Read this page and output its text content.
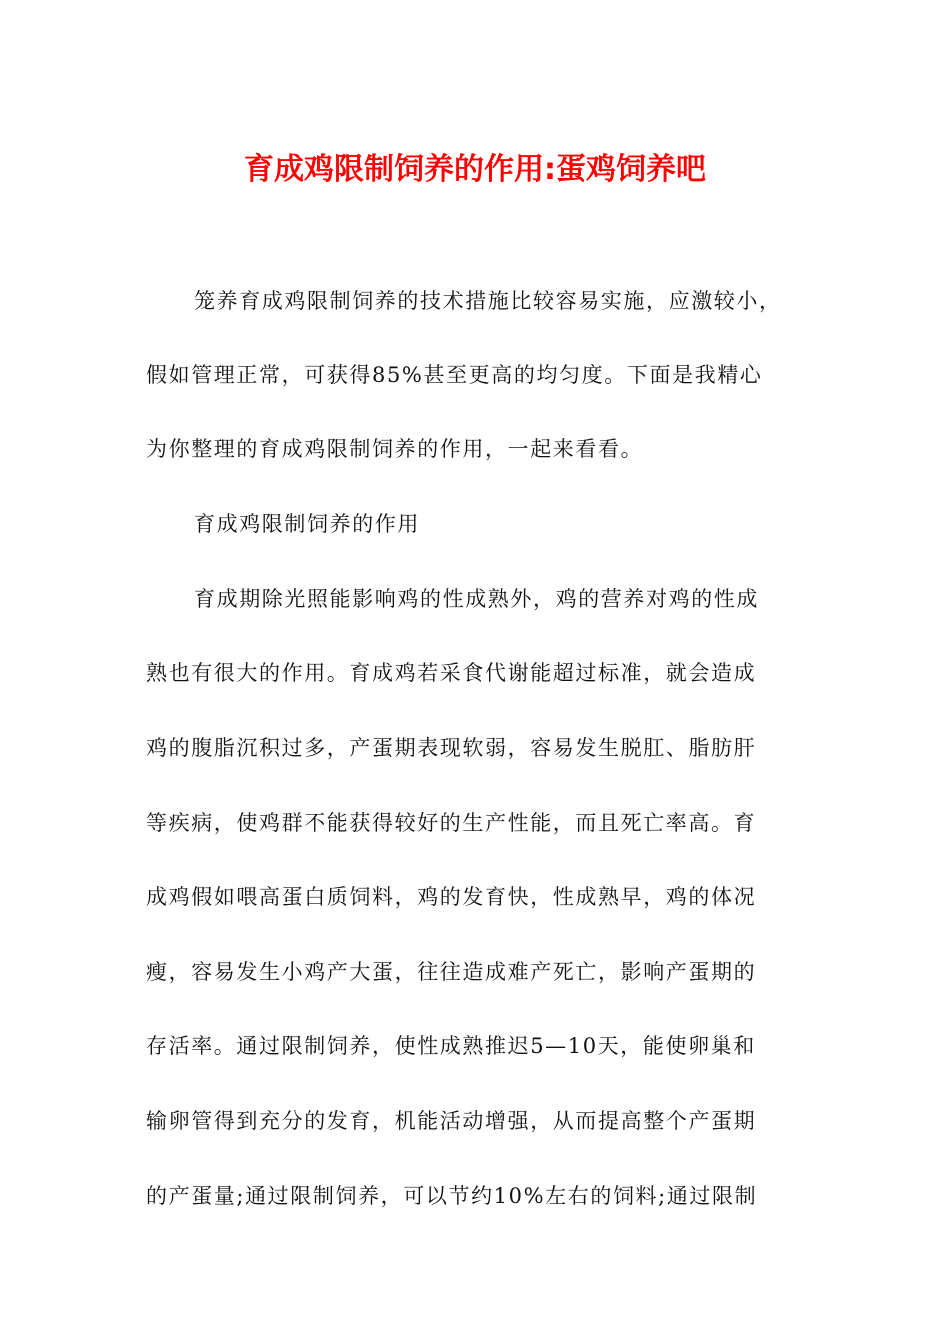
育成鸡限制饲养的作用:蛋鸡饲养吧
笼养育成鸡限制饲养的技术措施比较容易实施，应激较小，
假如管理正常，可获得85%甚至更高的均匀度。下面是我精心
为你整理的育成鸡限制饲养的作用，一起来看看。
育成鸡限制饲养的作用
育成期除光照能影响鸡的性成熟外，鸡的营养对鸡的性成
熟也有很大的作用。育成鸡若采食代谢能超过标准，就会造成
鸡的腹脂沉积过多，产蛋期表现软弱，容易发生脱肛、脂肪肝
等疾病，使鸡群不能获得较好的生产性能，而且死亡率高。育
成鸡假如喂高蛋白质饲料，鸡的发育快，性成熟早，鸡的体况
瘦，容易发生小鸡产大蛋，往往造成难产死亡，影响产蛋期的
存活率。通过限制饲养，使性成熟推迟5—10天，能使卵巢和
输卵管得到充分的发育，机能活动增强，从而提高整个产蛋期
的产蛋量;通过限制饲养，可以节约10%左右的饲料;通过限制
